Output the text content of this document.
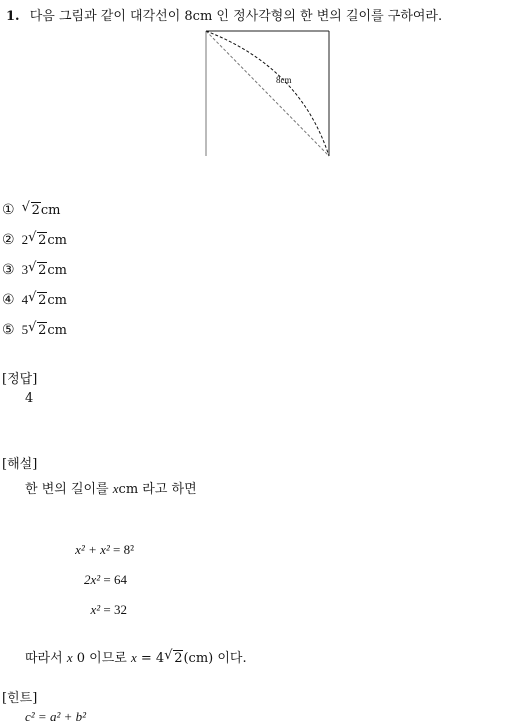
1. 다음 그림과 같이 대각선이 8cm 인 정사각형의 한 변의 길이를 구하여라.
8cm
① √ 2cm
② 2 √ 2cm
③ 3 √ 2cm
④ 4 √ 2cm
⑤ 5 √ 2cm
[정답]
4
[해설]
한 변의 길이를 xcm 라고 하면
x² + x² = 8²
2x² = 64
x² = 32
따라서 x 0 이므로 x = 4 √ 2(cm) 이다.
[힌트]
c² = a² + b²
